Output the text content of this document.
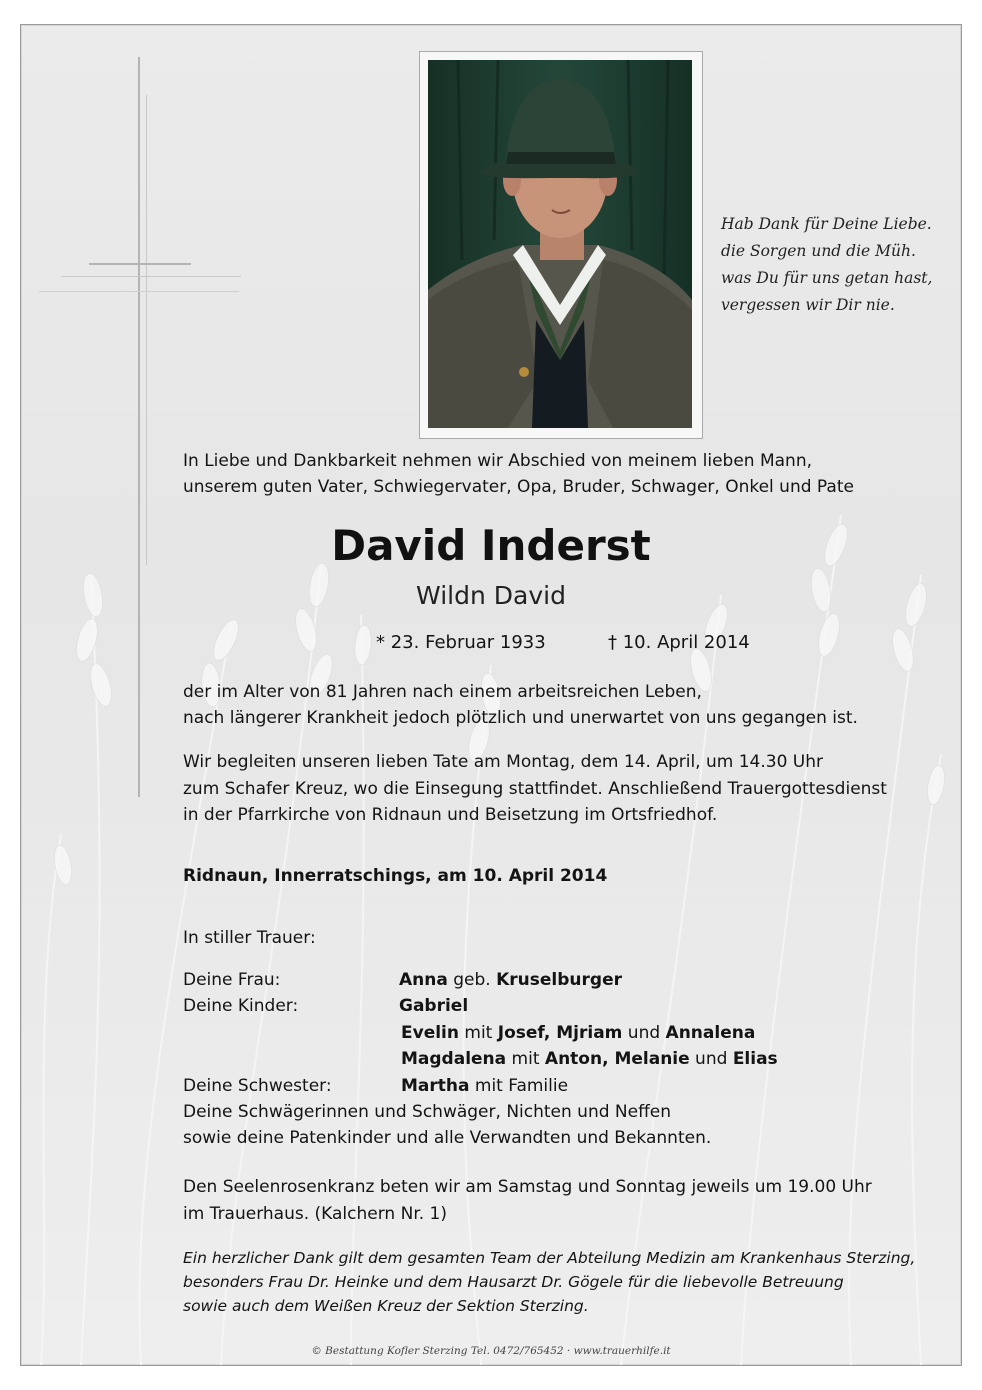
Hab Dank für Deine Liebe.
die Sorgen und die Müh.
was Du für uns getan hast,
vergessen wir Dir nie.
In Liebe und Dankbarkeit nehmen wir Abschied von meinem lieben Mann,
unserem guten Vater, Schwiegervater, Opa, Bruder, Schwager, Onkel und Pate
David Inderst
Wildn David
* 23. Februar 1933	† 10. April 2014
der im Alter von 81 Jahren nach einem arbeitsreichen Leben,
nach längerer Krankheit jedoch plötzlich und unerwartet von uns gegangen ist.
Wir begleiten unseren lieben Tate am Montag, dem 14. April, um 14.30 Uhr
zum Schafer Kreuz, wo die Einsegung stattfindet. Anschließend Trauergottesdienst
in der Pfarrkirche von Ridnaun und Beisetzung im Ortsfriedhof.
Ridnaun, Innerratschings, am 10. April 2014
In stiller Trauer:
Deine Frau:	Anna geb. Kruselburger
Deine Kinder:	Gabriel
Evelin mit Josef, Mjriam und Annalena
Magdalena mit Anton, Melanie und Elias
Deine Schwester:	Martha mit Familie
Deine Schwägerinnen und Schwäger, Nichten und Neffen
sowie deine Patenkinder und alle Verwandten und Bekannten.
Den Seelenrosenkranz beten wir am Samstag und Sonntag jeweils um 19.00 Uhr
im Trauerhaus. (Kalchern Nr. 1)
Ein herzlicher Dank gilt dem gesamten Team der Abteilung Medizin am Krankenhaus Sterzing,
besonders Frau Dr. Heinke und dem Hausarzt Dr. Gögele für die liebevolle Betreuung
sowie auch dem Weißen Kreuz der Sektion Sterzing.
© Bestattung Kofler Sterzing Tel. 0472/765452 · www.trauerhilfe.it
